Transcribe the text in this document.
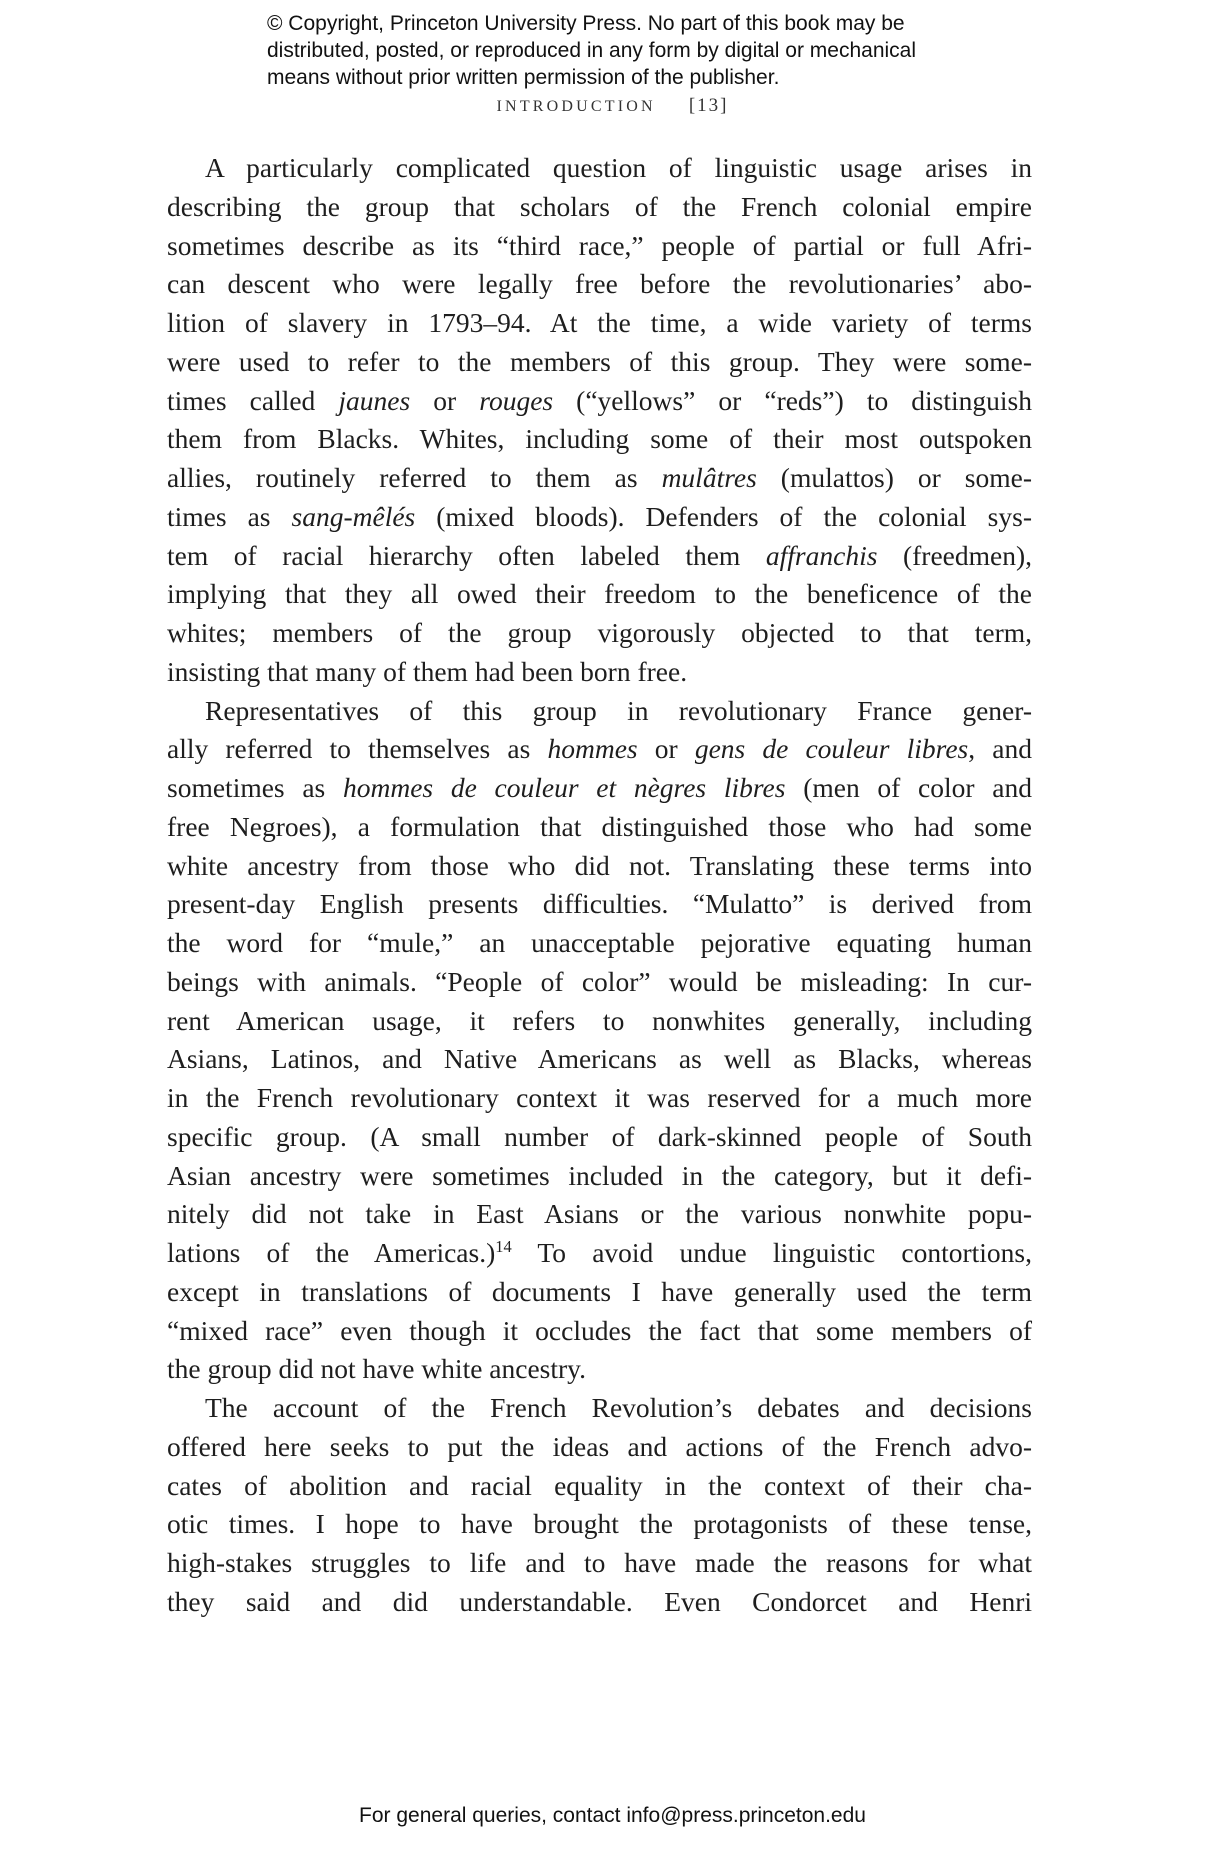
© Copyright, Princeton University Press. No part of this book may be
distributed, posted, or reproduced in any form by digital or mechanical
means without prior written permission of the publisher.
INTRODUCTION [13]
A particularly complicated question of linguistic usage arises in
describing the group that scholars of the French colonial empire
sometimes describe as its “third race,” people of partial or full Afri-
can descent who were legally free before the revolutionaries’ abo-
lition of slavery in 1793–94. At the time, a wide variety of terms
were used to refer to the members of this group. They were some-
times called jaunes or rouges (“yellows” or “reds”) to distinguish
them from Blacks. Whites, including some of their most outspoken
allies, routinely referred to them as mulâtres (mulattos) or some-
times as sang-mêlés (mixed bloods). Defenders of the colonial sys-
tem of racial hierarchy often labeled them affranchis (freedmen),
implying that they all owed their freedom to the beneficence of the
whites; members of the group vigorously objected to that term,
insisting that many of them had been born free.
Representatives of this group in revolutionary France gener-
ally referred to themselves as hommes or gens de couleur libres, and
sometimes as hommes de couleur et nègres libres (men of color and
free Negroes), a formulation that distinguished those who had some
white ancestry from those who did not. Translating these terms into
present-day English presents difficulties. “Mulatto” is derived from
the word for “mule,” an unacceptable pejorative equating human
beings with animals. “People of color” would be misleading: In cur-
rent American usage, it refers to nonwhites generally, including
Asians, Latinos, and Native Americans as well as Blacks, whereas
in the French revolutionary context it was reserved for a much more
specific group. (A small number of dark-skinned people of South
Asian ancestry were sometimes included in the category, but it defi-
nitely did not take in East Asians or the various nonwhite popu-
lations of the Americas.)$^{14}$ To avoid undue linguistic contortions,
except in translations of documents I have generally used the term
“mixed race” even though it occludes the fact that some members of
the group did not have white ancestry.
The account of the French Revolution’s debates and decisions
offered here seeks to put the ideas and actions of the French advo-
cates of abolition and racial equality in the context of their cha-
otic times. I hope to have brought the protagonists of these tense,
high-stakes struggles to life and to have made the reasons for what
they said and did understandable. Even Condorcet and Henri
For general queries, contact info@press.princeton.edu
